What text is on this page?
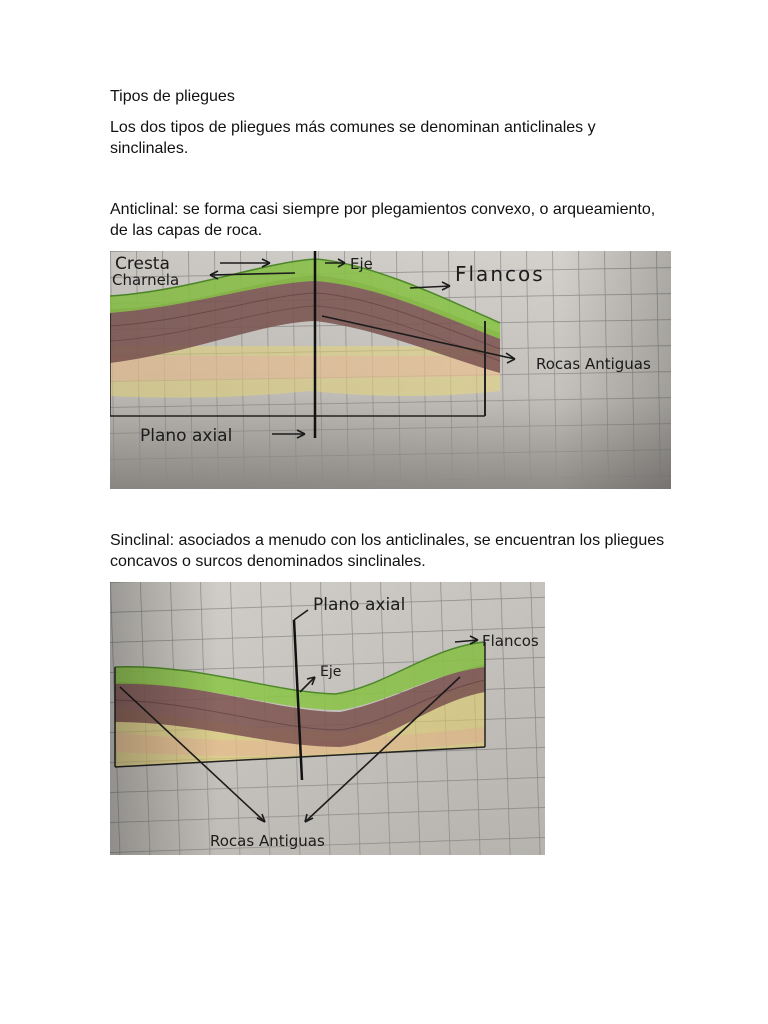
Tipos de pliegues

Los dos tipos de pliegues más comunes se denominan anticlinales y sinclinales.

Anticlinal: se forma casi siempre por plegamientos convexo, o arqueamiento, de las capas de roca.

Sinclinal: asociados a menudo con los anticlinales, se encuentran los pliegues concavos o surcos denominados sinclinales.
